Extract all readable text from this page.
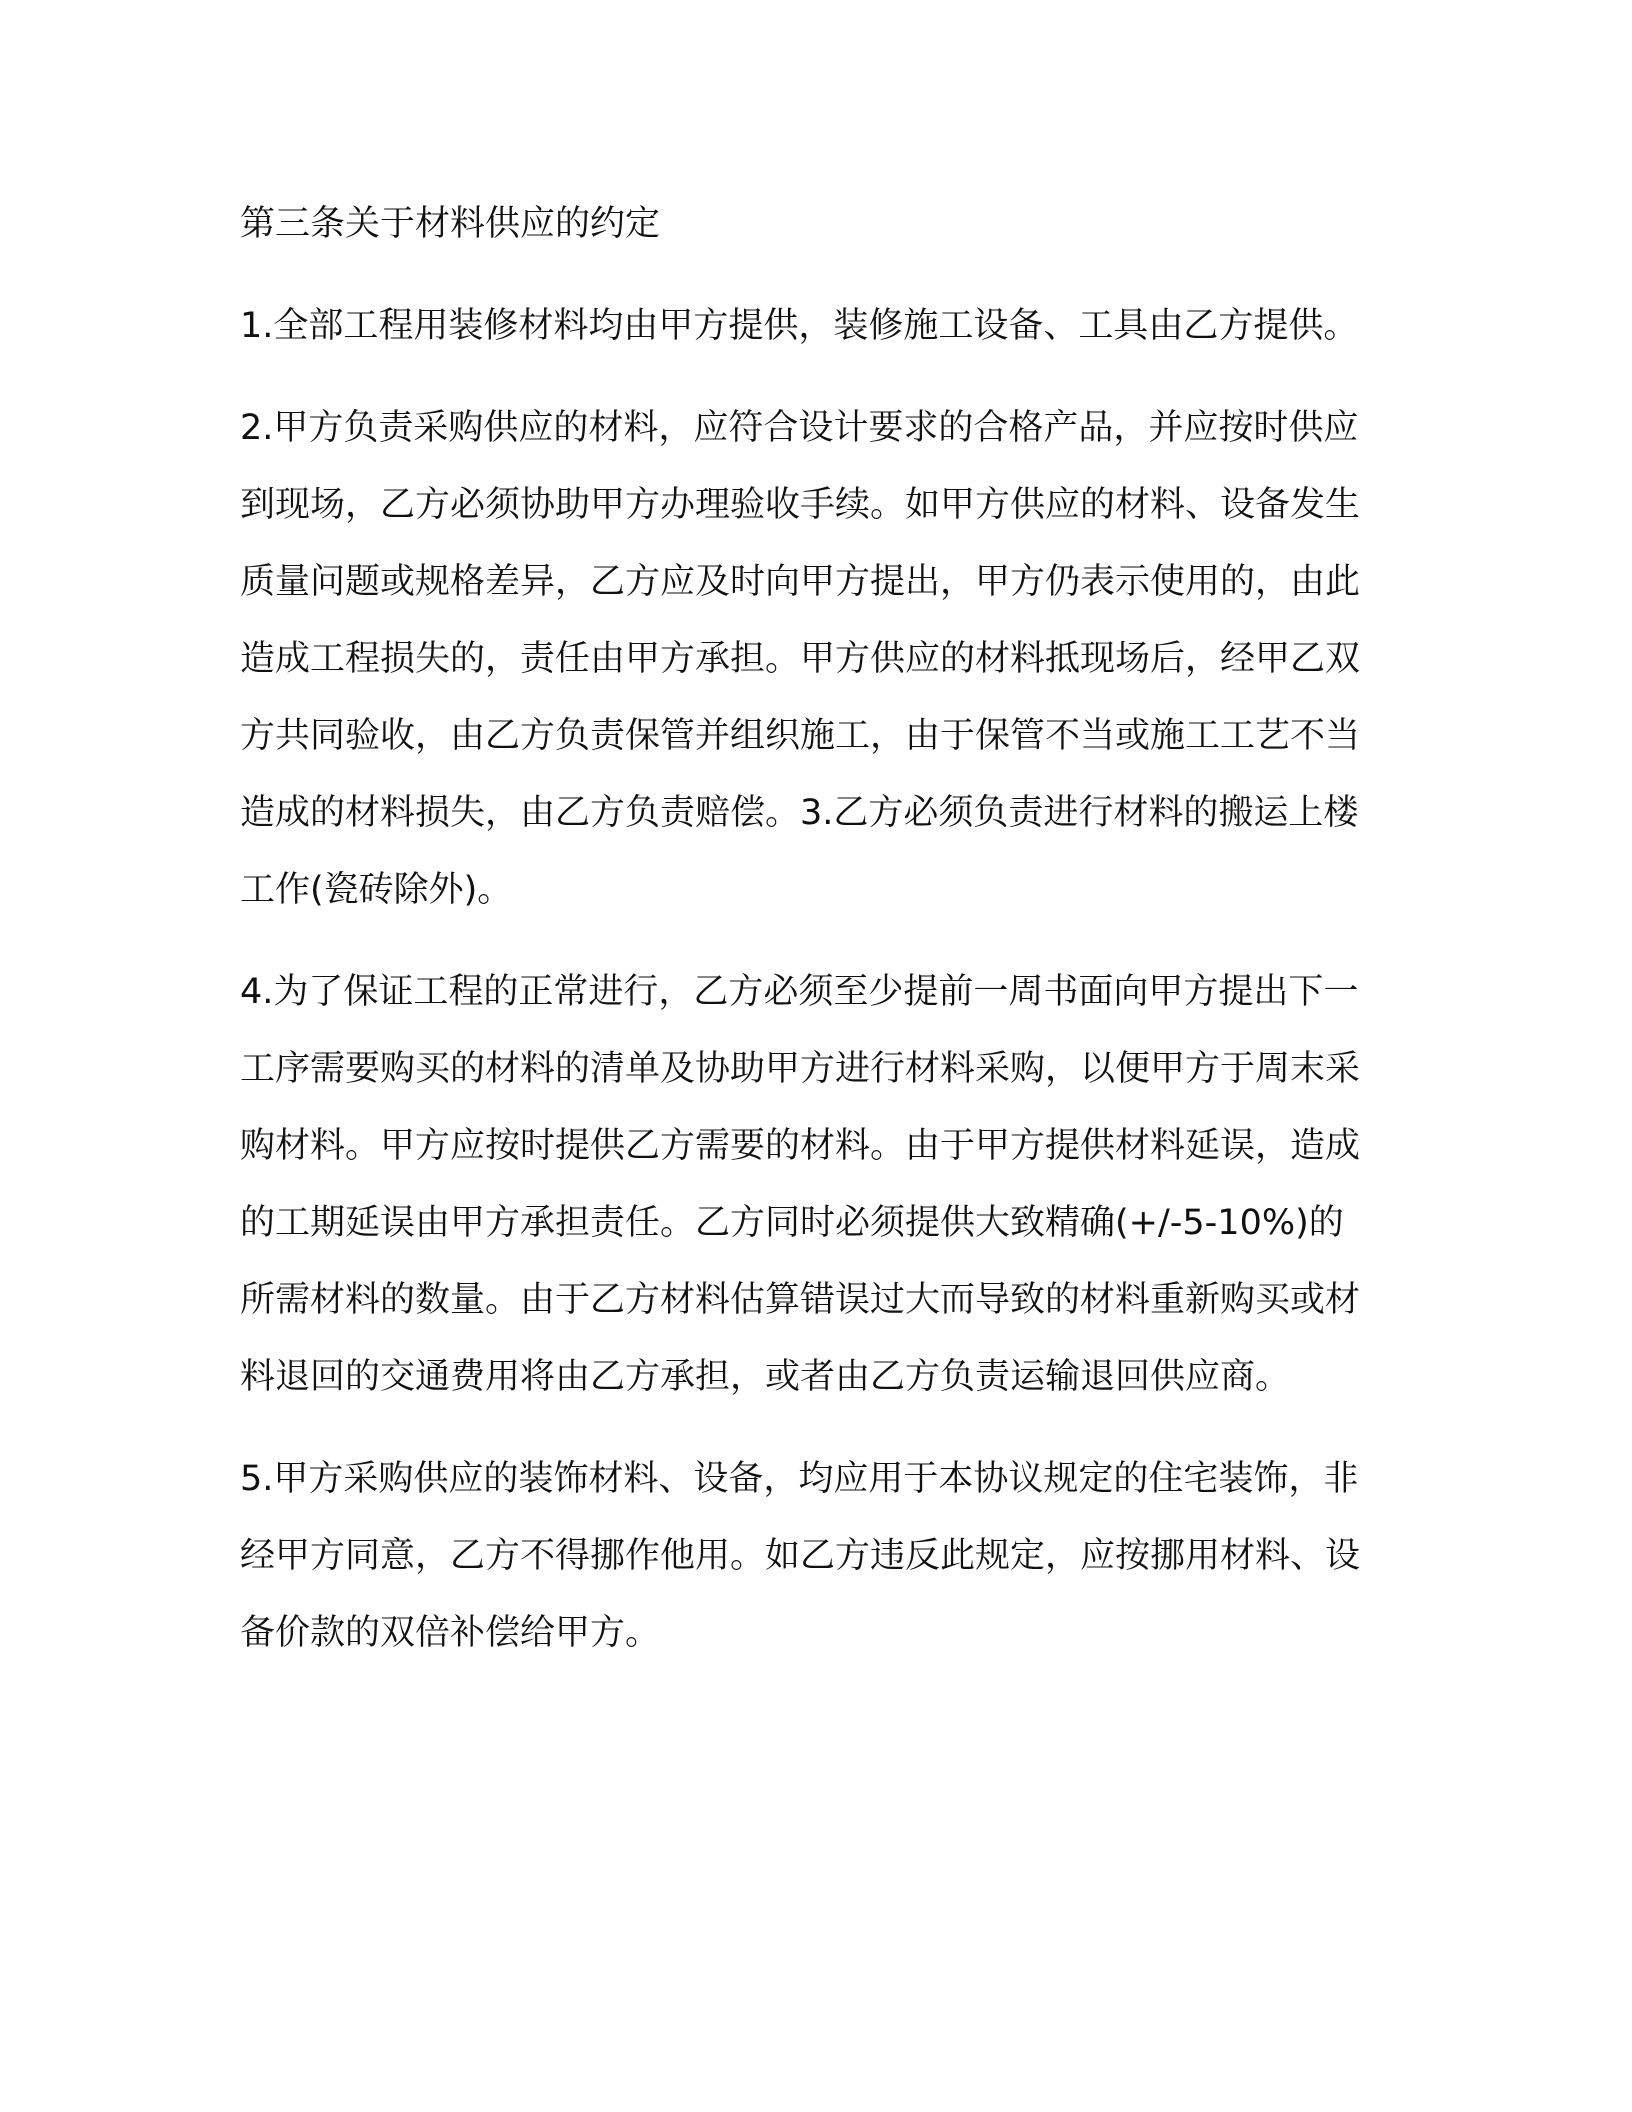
第三条关于材料供应的约定

1.全部工程用装修材料均由甲方提供，装修施工设备、工具由乙方提供。

2.甲方负责采购供应的材料，应符合设计要求的合格产品，并应按时供应到现场，乙方必须协助甲方办理验收手续。如甲方供应的材料、设备发生质量问题或规格差异，乙方应及时向甲方提出，甲方仍表示使用的，由此造成工程损失的，责任由甲方承担。甲方供应的材料抵现场后，经甲乙双方共同验收，由乙方负责保管并组织施工，由于保管不当或施工工艺不当造成的材料损失，由乙方负责赔偿。3.乙方必须负责进行材料的搬运上楼工作(瓷砖除外)。

4.为了保证工程的正常进行，乙方必须至少提前一周书面向甲方提出下一工序需要购买的材料的清单及协助甲方进行材料采购，以便甲方于周末采购材料。甲方应按时提供乙方需要的材料。由于甲方提供材料延误，造成的工期延误由甲方承担责任。乙方同时必须提供大致精确(+/-5-10%)的所需材料的数量。由于乙方材料估算错误过大而导致的材料重新购买或材料退回的交通费用将由乙方承担，或者由乙方负责运输退回供应商。

5.甲方采购供应的装饰材料、设备，均应用于本协议规定的住宅装饰，非经甲方同意，乙方不得挪作他用。如乙方违反此规定，应按挪用材料、设备价款的双倍补偿给甲方。
